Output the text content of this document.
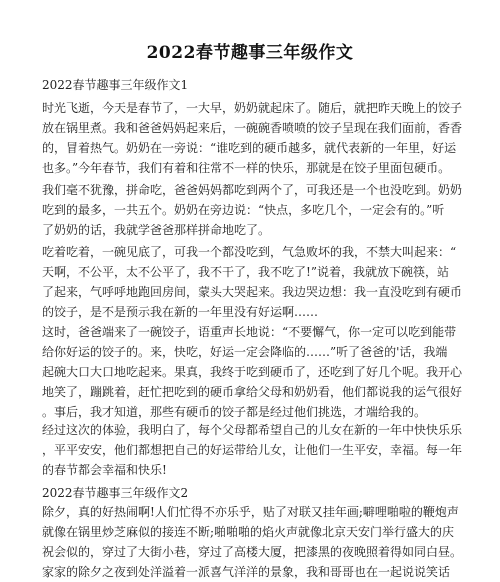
2022春节趣事三年级作文
2022春节趣事三年级作文1
时光飞逝，今天是春节了，一大早，奶奶就起床了。随后，就把昨天晚上的饺子
放在锅里煮。我和爸爸妈妈起来后，一碗碗香喷喷的饺子呈现在我们面前，香香
的，冒着热气。奶奶在一旁说：“谁吃到的硬币越多，就代表新的一年里，好运
也多。”今年春节，我们有着和往常不一样的快乐，那就是在饺子里面包硬币。
我们毫不犹豫，拼命吃，爸爸妈妈都吃到两个了，可我还是一个也没吃到。奶奶
吃到的最多，一共五个。奶奶在旁边说：“快点，多吃几个，一定会有的。”听
了奶奶的话，我就学爸爸那样拼命地吃了。
吃着吃着，一碗见底了，可我一个都没吃到，气急败坏的我，不禁大叫起来：“
天啊，不公平，太不公平了，我不干了，我不吃了!”说着，我就放下碗筷，站
了起来，气呼呼地跑回房间，蒙头大哭起来。我边哭边想：我一直没吃到有硬币
的饺子，是不是预示我在新的一年里没有好运啊……
这时，爸爸端来了一碗饺子，语重声长地说：“不要懈气，你一定可以吃到能带
给你好运的饺子的。来，快吃，好运一定会降临的……”听了爸爸的'话，我端
起碗大口大口地吃起来。果真，我终于吃到硬币了，还吃到了好几个呢。我开心
地笑了，蹦跳着，赶忙把吃到的硬币拿给父母和奶奶看，他们都说我的运气很好
。事后，我才知道，那些有硬币的饺子都是经过他们挑选，才端给我的。
经过这次的体验，我明白了，每个父母都希望自己的儿女在新的一年中快快乐乐
，平平安安，他们都想把自己的好运带给儿女，让他们一生平安，幸福。每一年
的春节都会幸福和快乐!
2022春节趣事三年级作文2
除夕，真的好热闹啊!人们忙得不亦乐乎，贴了对联又挂年画;噼哩啪啦的鞭炮声
就像在锅里炒芝麻似的接连不断;啪啪啪的焰火声就像北京天安门举行盛大的庆
祝会似的，穿过了大街小巷，穿过了高楼大厦，把漆黑的夜晚照着得如同白昼。
家家的除夕之夜到处洋溢着一派喜气洋洋的景象，我和哥哥也在一起说说笑话
